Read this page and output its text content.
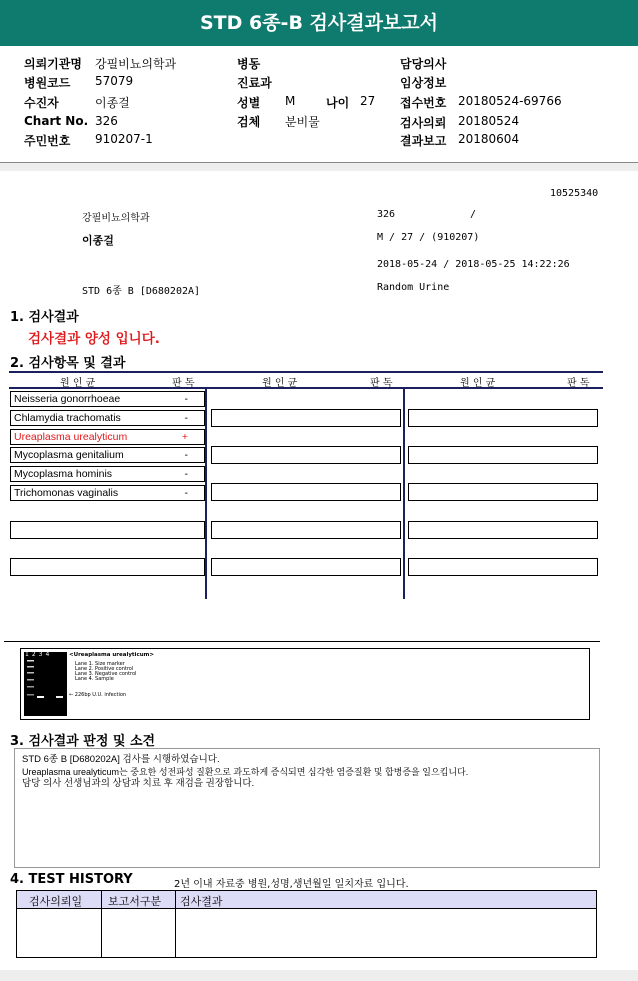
STD 6종-B 검사결과보고서
의뢰기관명 강필비뇨의학과
병원코드 57079
수진자	이종걸
Chart No. 326
주민번호 910207-1
병동
진료과
성별 M	나이 27
검체 분비물
담당의사
임상정보
접수번호 20180524-69766
검사의뢰 20180524
결과보고 20180604
10525340
강필비뇨의학과	326	/
이종걸	M / 27 / (910207)
2018-05-24 / 2018-05-25 14:22:26
STD 6종 B [D680202A]	Random Urine
1. 검사결과
검사결과 양성 입니다.
2. 검사항목 및 결과
원 인 균	판 독	원 인 균	판 독	원 인 균	판 독
Neisseria gonorrhoeae	-
Chlamydia trachomatis	-
Ureaplasma urealyticum	+
Mycoplasma genitalium	-
Mycoplasma hominis	-
Trichomonas vaginalis	-
1234	<Ureaplasma urealyticum>
Lane 1. Size marker
Lane 2. Positive control
Lane 3. Negative control
Lane 4. Sample
← 226bp U.U. infection
3. 검사결과 판정 및 소견
STD 6종 B [D680202A] 검사를 시행하였습니다.
Ureaplasma urealyticum는 중요한 성전파성 질환으로 과도하게 증식되면 심각한 염증질환 및 합병증을 일으킵니다.
담당 의사 선생님과의 상담과 치료 후 재검을 권장합니다.
4. TEST HISTORY	2년 이내 자료중 병원,성명,생년월일 일치자료 입니다.
검사의뢰일 보고서구분 검사결과
